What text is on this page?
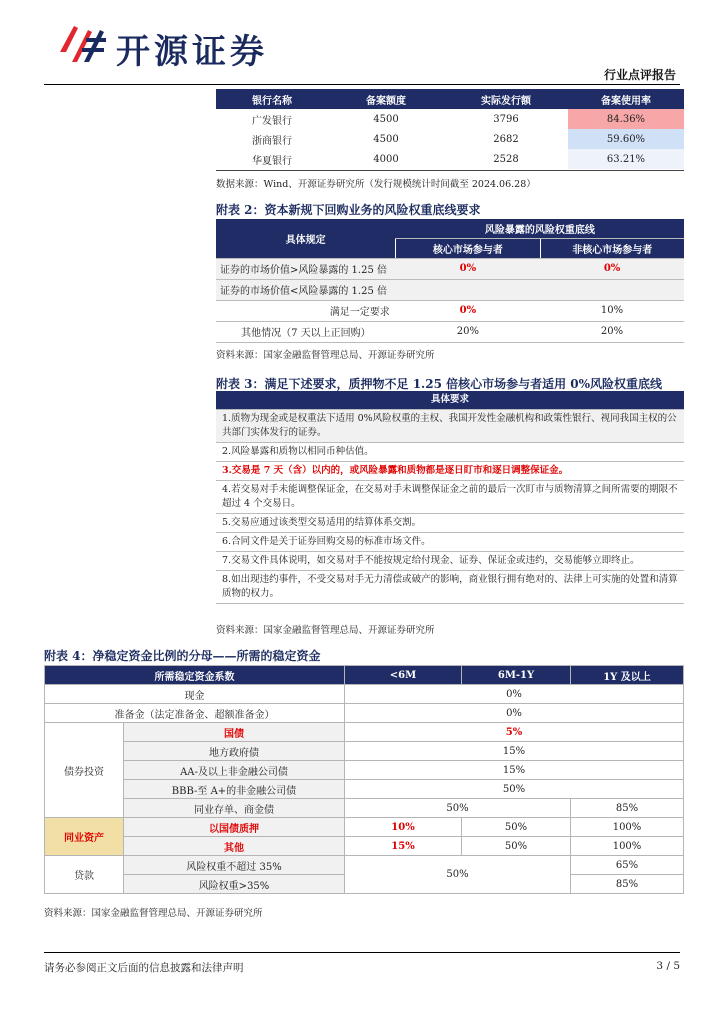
开源证券
行业点评报告
银行名称	备案额度	实际发行额	备案使用率
广发银行	4500	3796	84.36%
浙商银行	4500	2682	59.60%
华夏银行	4000	2528	63.21%
数据来源：Wind、开源证券研究所（发行规模统计时间截至 2024.06.28）
附表 2：资本新规下回购业务的风险权重底线要求
具体规定	风险暴露的风险权重底线	
	核心市场参与者	非核心市场参与者
证券的市场价值>风险暴露的 1.25 倍	0%	0%
证券的市场价值<风险暴露的 1.25 倍		
满足一定要求	0%	10%
其他情况（7 天以上正回购）	20%	20%
资料来源：国家金融监督管理总局、开源证券研究所
附表 3：满足下述要求，质押物不足 1.25 倍核心市场参与者适用 0%风险权重底线
具体要求
1.质物为现金或是权重法下适用 0%风险权重的主权、我国开发性金融机构和政策性银行、视同我国主权的公共部门实体发行的证券。
2.风险暴露和质物以相同币种估值。
3.交易是 7 天（含）以内的，或风险暴露和质物都是逐日盯市和逐日调整保证金。
4.若交易对手未能调整保证金，在交易对手未调整保证金之前的最后一次盯市与质物清算之间所需要的期限不超过 4 个交易日。
5.交易应通过该类型交易适用的结算体系交割。
6.合同文件是关于证券回购交易的标准市场文件。
7.交易文件具体说明，如交易对手不能按规定给付现金、证券、保证金或违约，交易能够立即终止。
8.如出现违约事件，不受交易对手无力清偿或破产的影响，商业银行拥有绝对的、法律上可实施的处置和清算质物的权力。
资料来源：国家金融监督管理总局、开源证券研究所
附表 4：净稳定资金比例的分母——所需的稳定资金
所需稳定资金系数		<6M	6M-1Y	1Y 及以上
现金		0%		
准备金（法定准备金、超额准备金）		0%		
债券投资	国债	5%		
	地方政府债	15%		
	AA-及以上非金融公司债	15%		
	BBB-至 A+的非金融公司债	50%		
	同业存单、商金债	50%		85%
同业资产	以国债质押	10%	50%	100%
	其他	15%	50%	100%
贷款	风险权重不超过 35%	50%		65%
	风险权重>35%			85%
资料来源：国家金融监督管理总局、开源证券研究所
请务必参阅正文后面的信息披露和法律声明	3 / 5
